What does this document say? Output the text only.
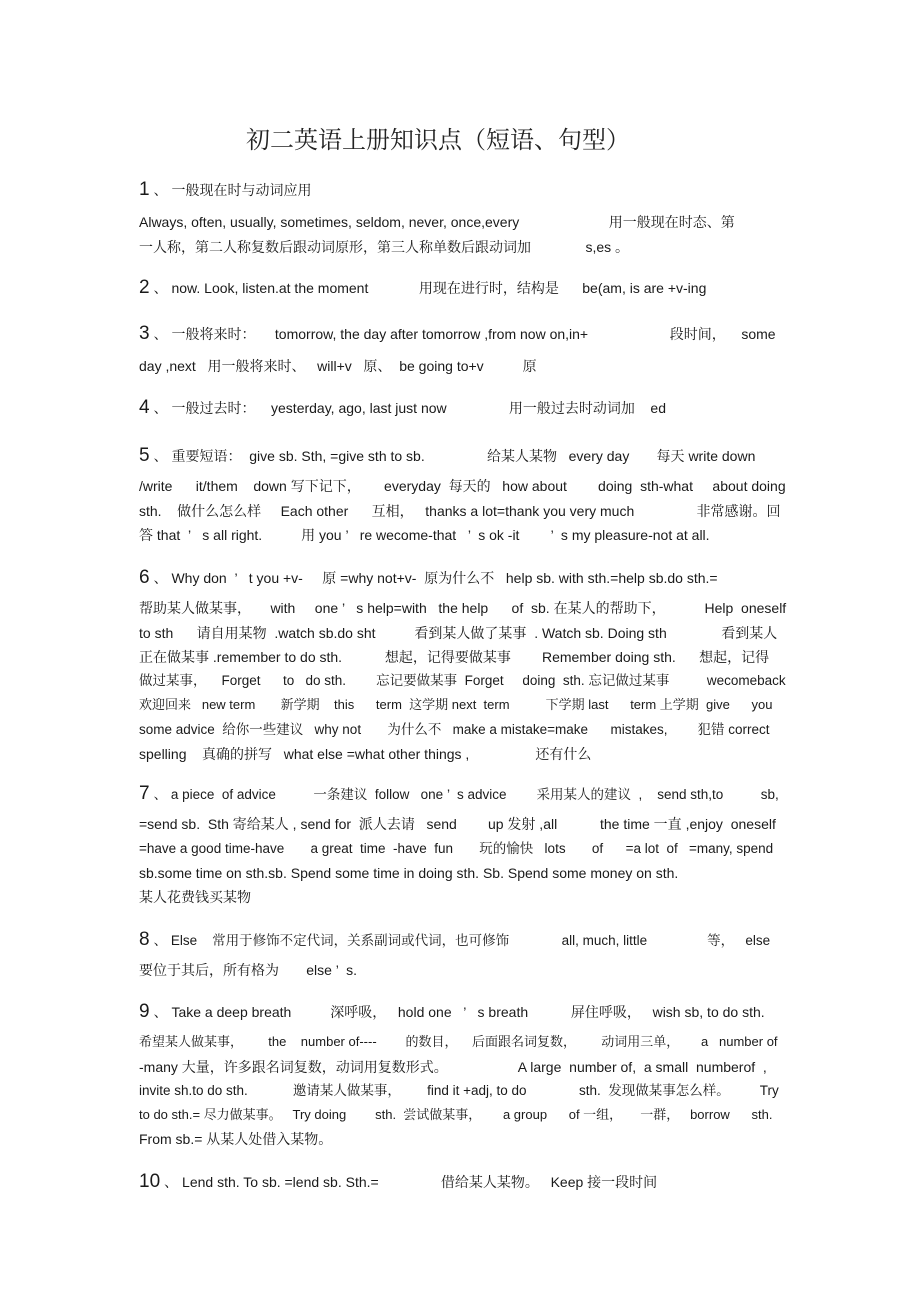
初二英语上册知识点（短语、句型）
1 、 一般现在时与动词应用
Always, often, usually, sometimes, seldom, never, once,every                       用一般现在时态、第
一人称，第二人称复数后跟动词原形，第三人称单数后跟动词加              s,es 。
2 、 now. Look, listen.at the moment             用现在进行时，结构是      be(am, is are +v-ing
3 、 一般将来时：     tomorrow, the day after tomorrow ,from now on,in+                     段时间，    some
day ,next   用一般将来时、   will+v   原、  be going to+v          原
4 、 一般过去时：    yesterday, ago, last just now                用一般过去时动词加    ed
5 、 重要短语：  give sb. Sth, =give sth to sb.                给某人某物   every day       每天 write down
/write      it/them    down 写下记下，      everyday  每天的   how about        doing  sth-what     about doing
sth.    做什么怎么样     Each other      互相，   thanks a lot=thank you very much                非常感谢。回
答 that  ’   s all right.          用 you ’   re wecome-that   ’  s ok -it        ’  s my pleasure-not at all.
6 、 Why don  ’   t you +v-     原 =why not+v-  原为什么不   help sb. with sth.=help sb.do sth.=
帮助某人做某事，     with     one ’   s help=with   the help      of  sb. 在某人的帮助下，          Help  oneself
to sth      请自用某物  .watch sb.do sht          看到某人做了某事  . Watch sb. Doing sth              看到某人
正在做某事 .remember to do sth.           想起，记得要做某事        Remember doing sth.      想起，记得
做过某事，    Forget      to   do sth.        忘记要做某事  Forget     doing  sth. 忘记做过某事          wecomeback
欢迎回来   new term       新学期    this      term  这学期 next  term          下学期 last      term 上学期  give      you
some advice  给你一些建议   why not       为什么不   make a mistake=make      mistakes,        犯错 correct
spelling    真确的拼写   what else =what other things ,                 还有什么
7 、 a piece  of advice          一条建议  follow   one ’  s advice        采用某人的建议  ,    send sth,to          sb,
=send sb.  Sth 寄给某人 , send for  派人去请   send        up 发射 ,all           the time 一直 ,enjoy  oneself
=have a good time-have       a great  time  -have  fun       玩的愉快   lots       of      =a lot  of   =many, spend
sb.some time on sth.sb. Spend some time in doing sth. Sb. Spend some money on sth.
某人花费钱买某物
8 、 Else    常用于修饰不定代词，关系副词或代词，也可修饰              all, much, little                等，   else
要位于其后，所有格为       else ’  s.
9 、 Take a deep breath          深呼吸，   hold one   ’   s breath           屏住呼吸，   wish sb, to do sth.
希望某人做某事，       the    number of----        的数目，    后面跟名词复数，       动词用三单，      a   number of
-many 大量，许多跟名词复数，动词用复数形式。                  A large  number of,  a small  numberof  ,
invite sh.to do sth.            邀请某人做某事，       find it +adj, to do              sth.  发现做某事怎么样。        Try
to do sth.= 尽力做某事。   Try doing        sth.  尝试做某事，      a group      of 一组，     一群，   borrow      sth.
From sb.= 从某人处借入某物。
10 、 Lend sth. To sb. =lend sb. Sth.=                借给某人某物。   Keep 接一段时间
